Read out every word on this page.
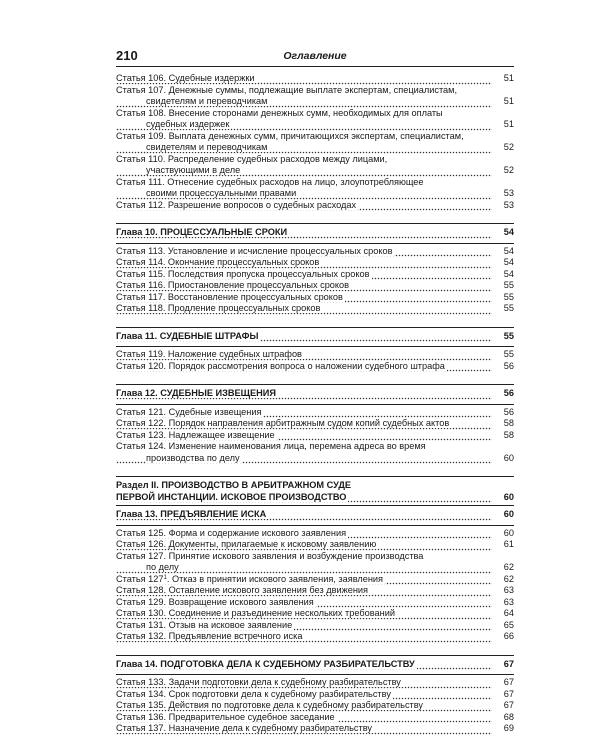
210	Оглавление
Статья 106. Судебные издержки	51
Статья 107. Денежные суммы, подлежащие выплате экспертам, специалистам,
свидетелям и переводчикам	51
Статья 108. Внесение сторонами денежных сумм, необходимых для оплаты
судебных издержек	51
Статья 109. Выплата денежных сумм, причитающихся экспертам, специалистам,
свидетелям и переводчикам	52
Статья 110. Распределение судебных расходов между лицами,
участвующими в деле	52
Статья 111. Отнесение судебных расходов на лицо, злоупотребляющее
своими процессуальными правами	53
Статья 112. Разрешение вопросов о судебных расходах	53
Глава 10. ПРОЦЕССУАЛЬНЫЕ СРОКИ	54
Статья 113. Установление и исчисление процессуальных сроков	54
Статья 114. Окончание процессуальных сроков	54
Статья 115. Последствия пропуска процессуальных сроков	54
Статья 116. Приостановление процессуальных сроков	55
Статья 117. Восстановление процессуальных сроков	55
Статья 118. Продление процессуальных сроков	55
Глава 11. СУДЕБНЫЕ ШТРАФЫ	55
Статья 119. Наложение судебных штрафов	55
Статья 120. Порядок рассмотрения вопроса о наложении судебного штрафа	56
Глава 12. СУДЕБНЫЕ ИЗВЕЩЕНИЯ	56
Статья 121. Судебные извещения	56
Статья 122. Порядок направления арбитражным судом копий судебных актов	58
Статья 123. Надлежащее извещение	58
Статья 124. Изменение наименования лица, перемена адреса во время
производства по делу	60
Раздел II. ПРОИЗВОДСТВО В АРБИТРАЖНОМ СУДЕ
ПЕРВОЙ ИНСТАНЦИИ. ИСКОВОЕ ПРОИЗВОДСТВО	60
Глава 13. ПРЕДЪЯВЛЕНИЕ ИСКА	60
Статья 125. Форма и содержание искового заявления	60
Статья 126. Документы, прилагаемые к исковому заявлению	61
Статья 127. Принятие искового заявления и возбуждение производства
по делу	62
Статья $127^1$. Отказ в принятии искового заявления, заявления	62
Статья 128. Оставление искового заявления без движения	63
Статья 129. Возвращение искового заявления	63
Статья 130. Соединение и разъединение нескольких требований	64
Статья 131. Отзыв на исковое заявление	65
Статья 132. Предъявление встречного иска	66
Глава 14. ПОДГОТОВКА ДЕЛА К СУДЕБНОМУ РАЗБИРАТЕЛЬСТВУ	67
Статья 133. Задачи подготовки дела к судебному разбирательству	67
Статья 134. Срок подготовки дела к судебному разбирательству	67
Статья 135. Действия по подготовке дела к судебному разбирательству	67
Статья 136. Предварительное судебное заседание	68
Статья 137. Назначение дела к судебному разбирательству	69
